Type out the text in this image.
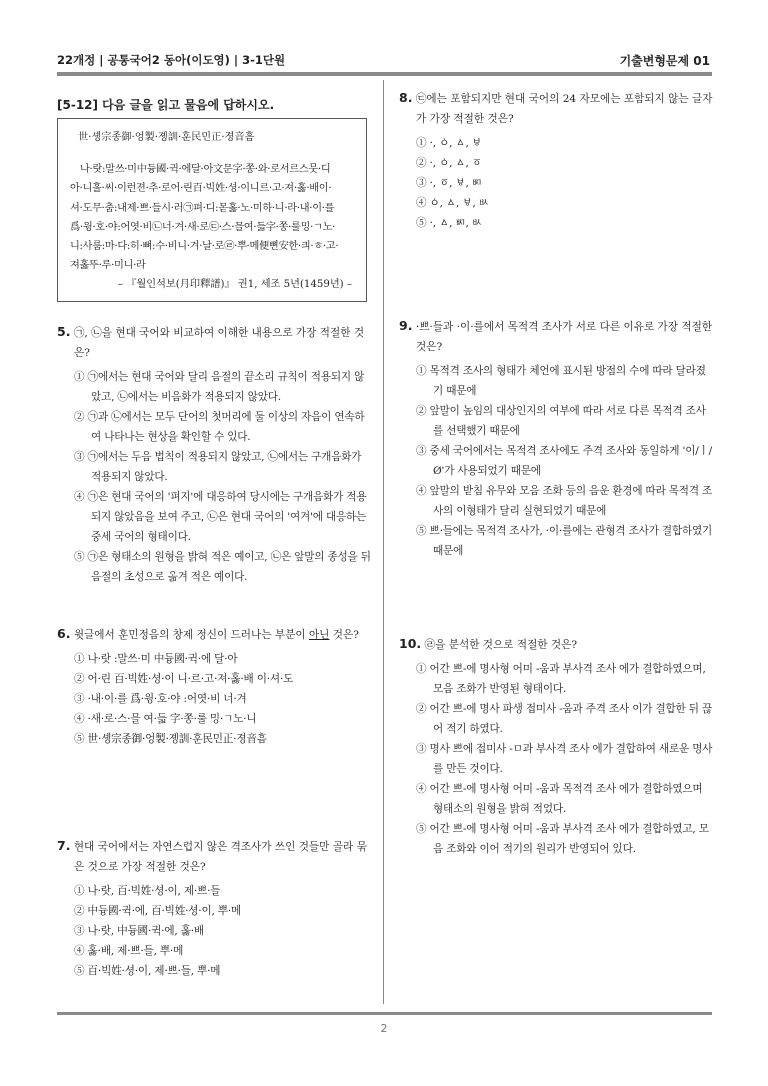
22개정 | 공통국어2 동아(이도영) | 3-1단원	기출변형문제 01
[5-12] 다음 글을 읽고 물음에 답하시오.
世·솅宗종御·엉製·졩訓·훈民민正·졍音흠
나·랏:말쓰·미中듕國·귁·에달·아文문字·쫑·와·로서르스뭇·디
아·니훌·씨·이런젼·추·로어·린百·빅姓·셩·이니르·고·져·홇·배이·
셔·도무·춤:내제·쁘·들시·러㉠펴·디:몯홇·노·미하·니·라·내·이·를
爲·윙·호·야:어엿·비㉡너·겨·새·로㉢·스·믈여·듧字·쫑·룰밍·ㄱ노·
니:사룸:마·다:히·뼈:수·비니·겨·날·로㉣·뿌·메便뼌安한·킈·ㅎ·고·
져홇뚜·루·미니·라
– 『월인석보(月印釋譜)』 권1, 세조 5년(1459년) –
5. ㉠, ㉡을 현대 국어와 비교하여 이해한 내용으로 가장 적절한 것은?
① ㉠에서는 현대 국어와 달리 음절의 끝소리 규칙이 적용되지 않았고, ㉡에서는 비음화가 적용되지 않았다.
② ㉠과 ㉡에서는 모두 단어의 첫머리에 둘 이상의 자음이 연속하여 나타나는 현상을 확인할 수 있다.
③ ㉠에서는 두음 법칙이 적용되지 않았고, ㉡에서는 구개음화가 적용되지 않았다.
④ ㉠은 현대 국어의 '펴지'에 대응하여 당시에는 구개음화가 적용되지 않았음을 보여 주고, ㉡은 현대 국어의 '여겨'에 대응하는 중세 국어의 형태이다.
⑤ ㉠은 형태소의 원형을 밝혀 적은 예이고, ㉡은 앞말의 종성을 뒤 음절의 초성으로 옮겨 적은 예이다.
6. 윗글에서 훈민정음의 창제 정신이 드러나는 부분이 아닌 것은?
① 나·랏 :말쓰·미 中듕國·귁·에 달·아
② 어·린 百·빅姓·셩·이 니·르·고·져·홇·배 이·셔·도
③ ·내·이·를 爲·윙·호·야 :어엿·비 너·겨
④ ·새·로·스·믈 여·듧 字·쫑·룰 밍·ㄱ노·니
⑤ 世·솅宗종御·엉製·졩訓·훈民민正·졍音흠
7. 현대 국어에서는 자연스럽지 않은 격조사가 쓰인 것들만 골라 묶은 것으로 가장 적절한 것은?
① 나·랏, 百·빅姓·셩·이, 제·쁘·들
② 中듕國·귁·에, 百·빅姓·셩·이, 뿌·메
③ 나·랏, 中듕國·귁·에, 홇·배
④ 홇·배, 제·쁘·들, 뿌·메
⑤ 百·빅姓·셩·이, 제·쁘·들, 뿌·메
8. ㉢에는 포함되지만 현대 국어의 24 자모에는 포함되지 않는 글자가 가장 적절한 것은?
① ·, ㆁ, ㅿ, ㅸ
② ·, ㆁ, ㅿ, ㆆ
③ ·, ㆆ, ㅸ, ㅴ
④ ㆁ, ㅿ, ㅸ, ㅄ
⑤ ·, ㅿ, ㅴ, ㅄ
9. ·쁘·들과 ·이·를에서 목적격 조사가 서로 다른 이유로 가장 적절한 것은?
① 목적격 조사의 형태가 체언에 표시된 방점의 수에 따라 달라졌기 때문에
② 앞말이 높임의 대상인지의 여부에 따라 서로 다른 목적격 조사를 선택했기 때문에
③ 중세 국어에서는 목적격 조사에도 주격 조사와 동일하게 '이/ㅣ/Ø'가 사용되었기 때문에
④ 앞말의 받침 유무와 모음 조화 등의 음운 환경에 따라 목적격 조사의 이형태가 달리 실현되었기 때문에
⑤ 쁘·들에는 목적격 조사가, ·이·를에는 관형격 조사가 결합하였기 때문에
10. ㉣을 분석한 것으로 적절한 것은?
① 어간 쁘-에 명사형 어미 -움과 부사격 조사 에가 결합하였으며, 모음 조화가 반영된 형태이다.
② 어간 쁘-에 명사 파생 접미사 -움과 주격 조사 이가 결합한 뒤 끊어 적기 하였다.
③ 명사 쁘에 접미사 -ㅁ과 부사격 조사 에가 결합하여 새로운 명사를 만든 것이다.
④ 어간 쁘-에 명사형 어미 -움과 목적격 조사 에가 결합하였으며 형태소의 원형을 밝혀 적었다.
⑤ 어간 쁘-에 명사형 어미 -움과 부사격 조사 에가 결합하였고, 모음 조화와 이어 적기의 원리가 반영되어 있다.
2
